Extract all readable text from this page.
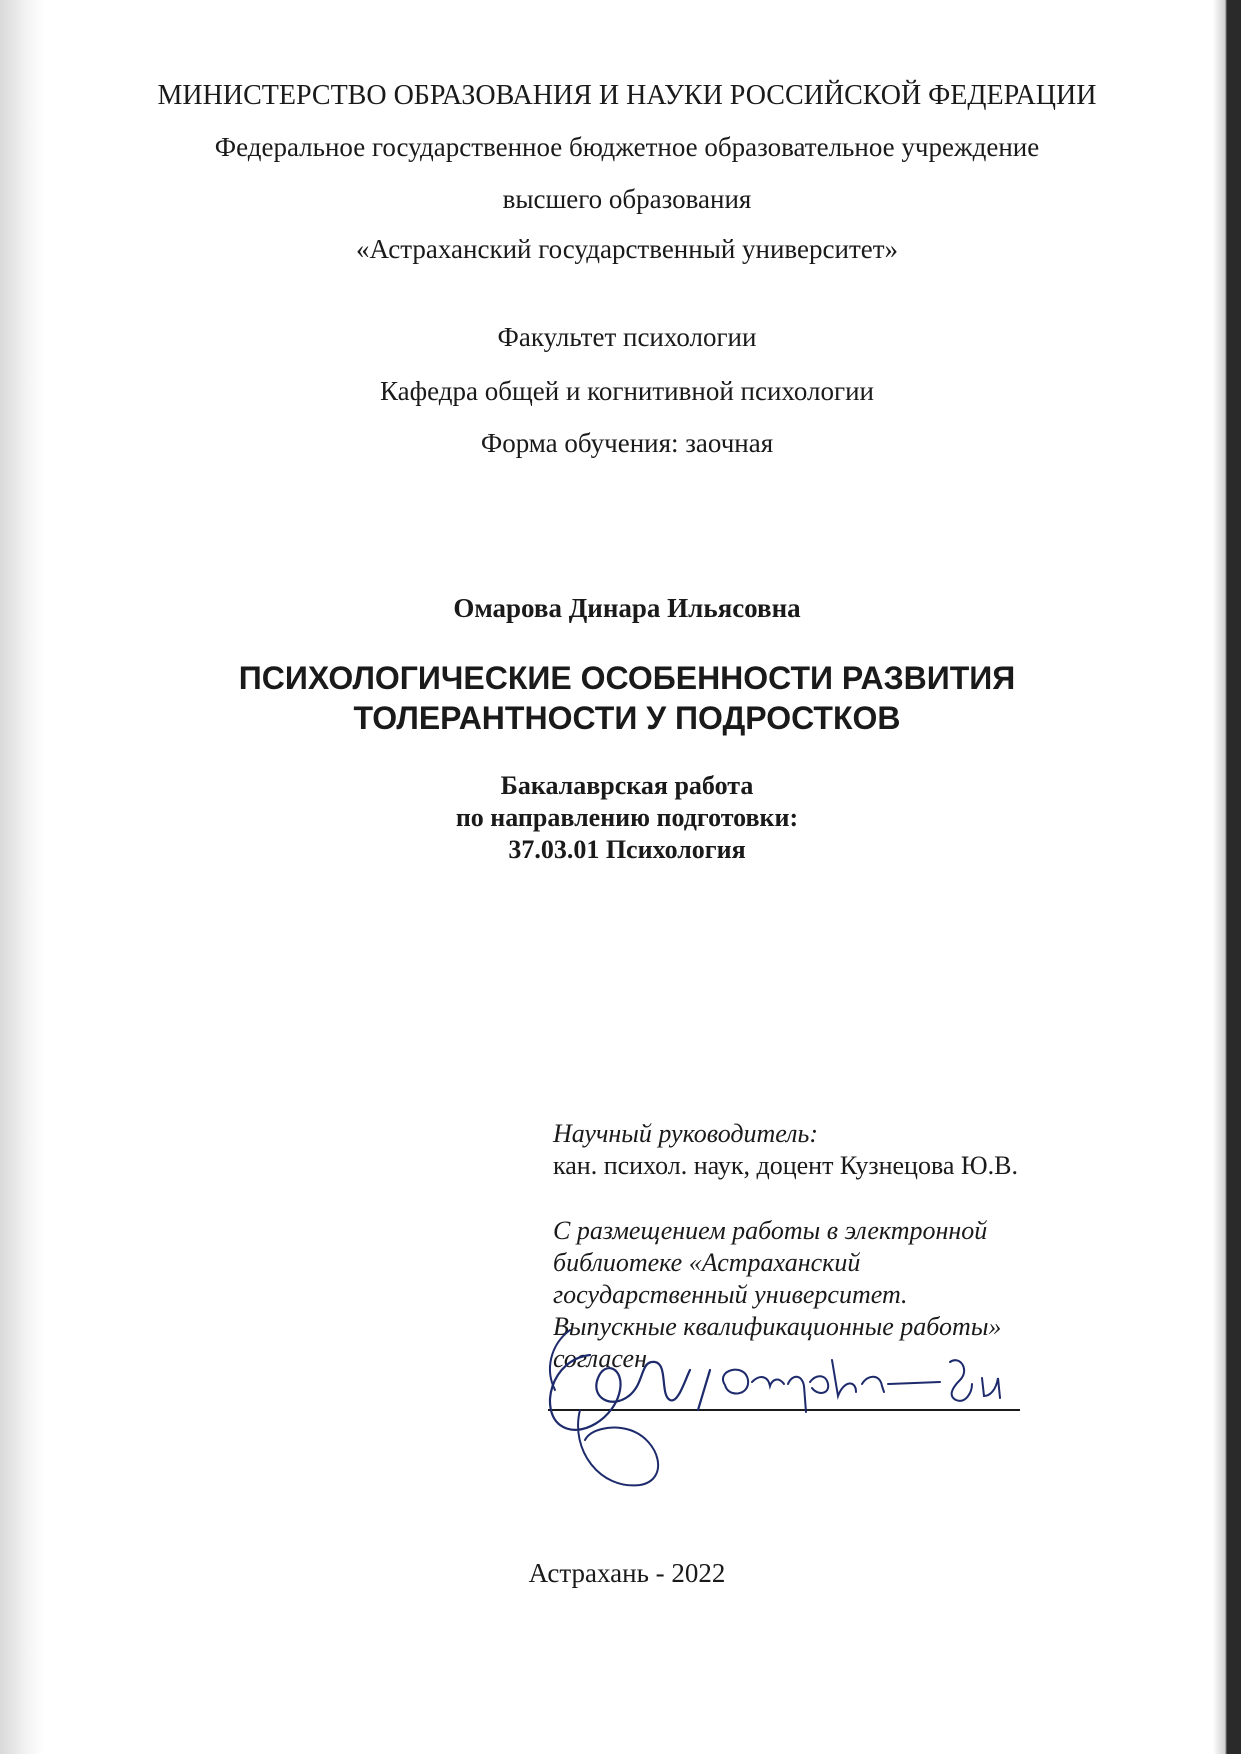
МИНИСТЕРСТВО ОБРАЗОВАНИЯ И НАУКИ РОССИЙСКОЙ ФЕДЕРАЦИИ
Федеральное государственное бюджетное образовательное учреждение
высшего образования
«Астраханский государственный университет»
Факультет психологии
Кафедра общей и когнитивной психологии
Форма обучения: заочная
Омарова Динара Ильясовна
ПСИХОЛОГИЧЕСКИЕ ОСОБЕННОСТИ РАЗВИТИЯ
ТОЛЕРАНТНОСТИ У ПОДРОСТКОВ
Бакалаврская работа
по направлению подготовки:
37.03.01 Психология
Научный руководитель:
кан. психол. наук, доцент Кузнецова Ю.В.
С размещением работы в электронной
библиотеке «Астраханский
государственный университет.
Выпускные квалификационные работы»
согласен
Астрахань - 2022
